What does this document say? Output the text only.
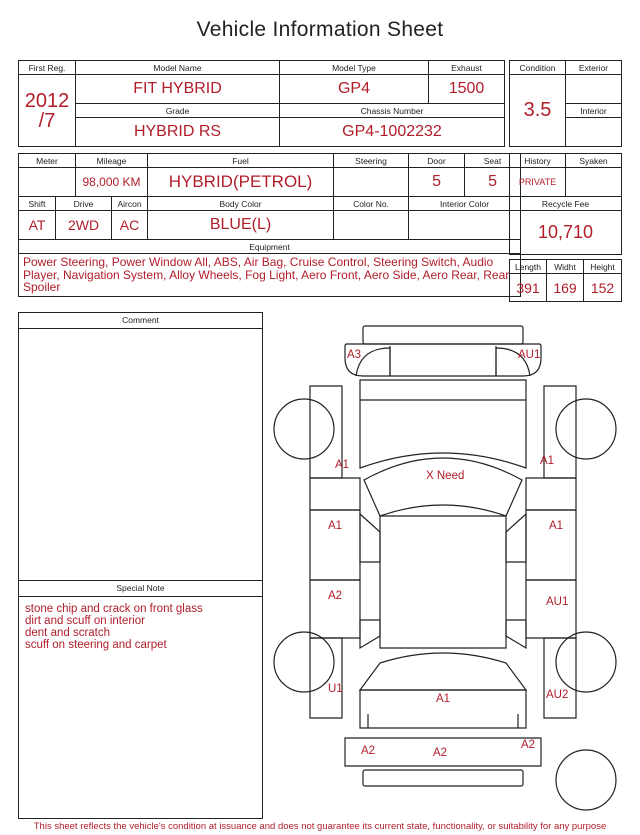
Vehicle Information Sheet
First Reg.	Model Name	Model Type	Exhaust

2012
/7	FIT HYBRID	GP4	1500
	Grade	Chassis Number	
	HYBRID RS	GP4-1002232	
Condition	Exterior
3.5	
	Interior

Meter		Mileage		Fuel	Steering	Door	Seat
		98,000 KM		HYBRID(PETROL)		5	5
Shift	Drive		Aircon	Body Color	Color No.	Interior Color	
AT	2WD		AC	BLUE(L)			
Equipment							
Power Steering, Power Window All, ABS, Air Bag, Cruise Control, Steering Switch, Audio Player, Navigation System, Alloy Wheels, Fog Light, Aero Front, Aero Side, Aero Rear, Rear Spoiler							
History	Syaken
PRIVATE	
Recycle Fee
10,710
Length	Widht	Height
391	169	152
Comment
Special Note
stone chip and crack on front glass
dirt and scuff on interior
dent and scratch
scuff on steering and carpet
A3	AU1
A1
X Need
A1
A1	A1
A2	AU1
U1
A1	AU2
A2	A2
A2
This sheet reflects the vehicle's condition at issuance and does not guarantee its current state, functionality, or suitability for any purpose
